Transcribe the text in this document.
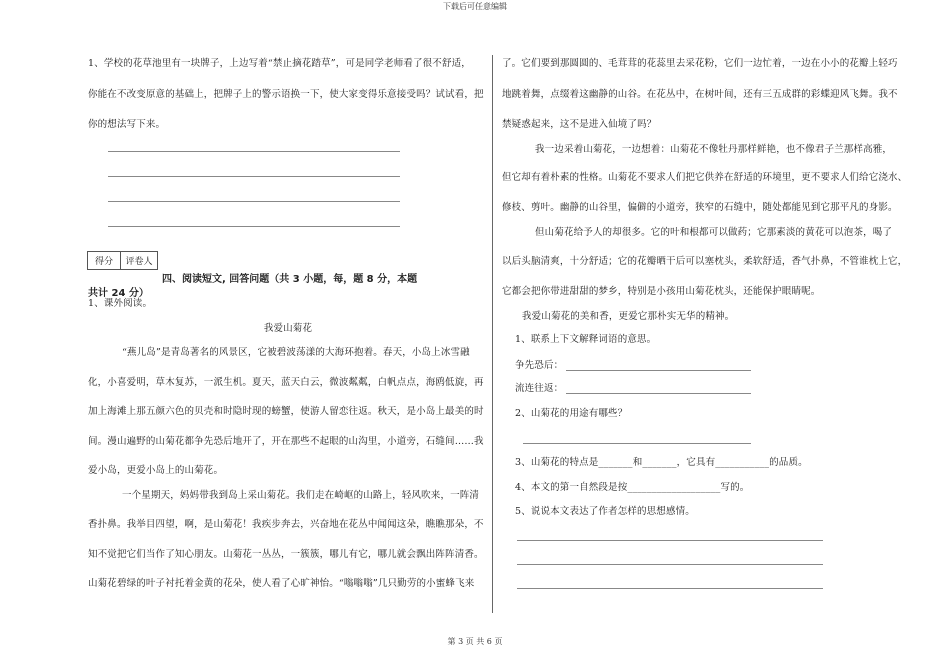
下载后可任意编辑
1、学校的花草池里有一块牌子，上边写着“禁止摘花踏草”，可是同学老师看了很不舒适，
你能在不改变原意的基础上，把牌子上的警示语换一下，使大家变得乐意接受吗？试试看，把
你的想法写下来。
得分	评卷人
四、阅读短文, 回答问题（共 3 小题，每，题 8 分，本题
共计 24 分）
1、课外阅读。
我爱山菊花
“燕儿岛”是青岛著名的风景区，它被碧波荡漾的大海环抱着。春天，小岛上冰雪融
化，小喜爱明，草木复苏，一派生机。夏天，蓝天白云，微波粼粼，白帆点点，海鸥低旋，再
加上海滩上那五颜六色的贝壳和时隐时现的螃蟹，使游人留恋往返。秋天，是小岛上最美的时
间。漫山遍野的山菊花都争先恐后地开了，开在那些不起眼的山沟里，小道旁，石缝间……我
爱小岛，更爱小岛上的山菊花。
一个星期天，妈妈带我到岛上采山菊花。我们走在崎岖的山路上，轻风吹来，一阵清
香扑鼻。我举目四望，啊，是山菊花！我疾步奔去，兴奋地在花丛中闻闻这朵，瞧瞧那朵，不
知不觉把它们当作了知心朋友。山菊花一丛丛，一簇簇，哪儿有它，哪儿就会飘出阵阵清香。
山菊花碧绿的叶子衬托着金黄的花朵，使人看了心旷神怡。“嗡嗡嗡”几只勤劳的小蜜蜂飞来
了。它们要到那圆圆的、毛茸茸的花蕊里去采花粉，它们一边忙着，一边在小小的花瓣上轻巧
地跳着舞，点缀着这幽静的山谷。在花丛中，在树叶间，还有三五成群的彩蝶迎风飞舞。我不
禁疑惑起来，这不是进入仙境了吗？
我一边采着山菊花，一边想着：山菊花不像牡丹那样鲜艳，也不像君子兰那样高雅，
但它却有着朴素的性格。山菊花不要求人们把它供养在舒适的环境里，更不要求人们给它浇水、
修枝、剪叶。幽静的山谷里，偏僻的小道旁，狭窄的石缝中，随处都能见到它那平凡的身影。
但山菊花给予人的却很多。它的叶和根都可以做药；它那素淡的黄花可以泡茶，喝了
以后头脑清爽，十分舒适；它的花瓣晒干后可以塞枕头，柔软舒适，香气扑鼻，不管谁枕上它，
它都会把你带进甜甜的梦乡，特别是小孩用山菊花枕头，还能保护眼睛呢。
我爱山菊花的美和香，更爱它那朴实无华的精神。
1、联系上下文解释词语的意思。
争先恐后：
流连往返：
2、山菊花的用途有哪些？
3、山菊花的特点是_______和_______，它具有___________的品质。
4、本文的第一自然段是按___________________写的。
5、说说本文表达了作者怎样的思想感情。
第 3 页 共 6 页
